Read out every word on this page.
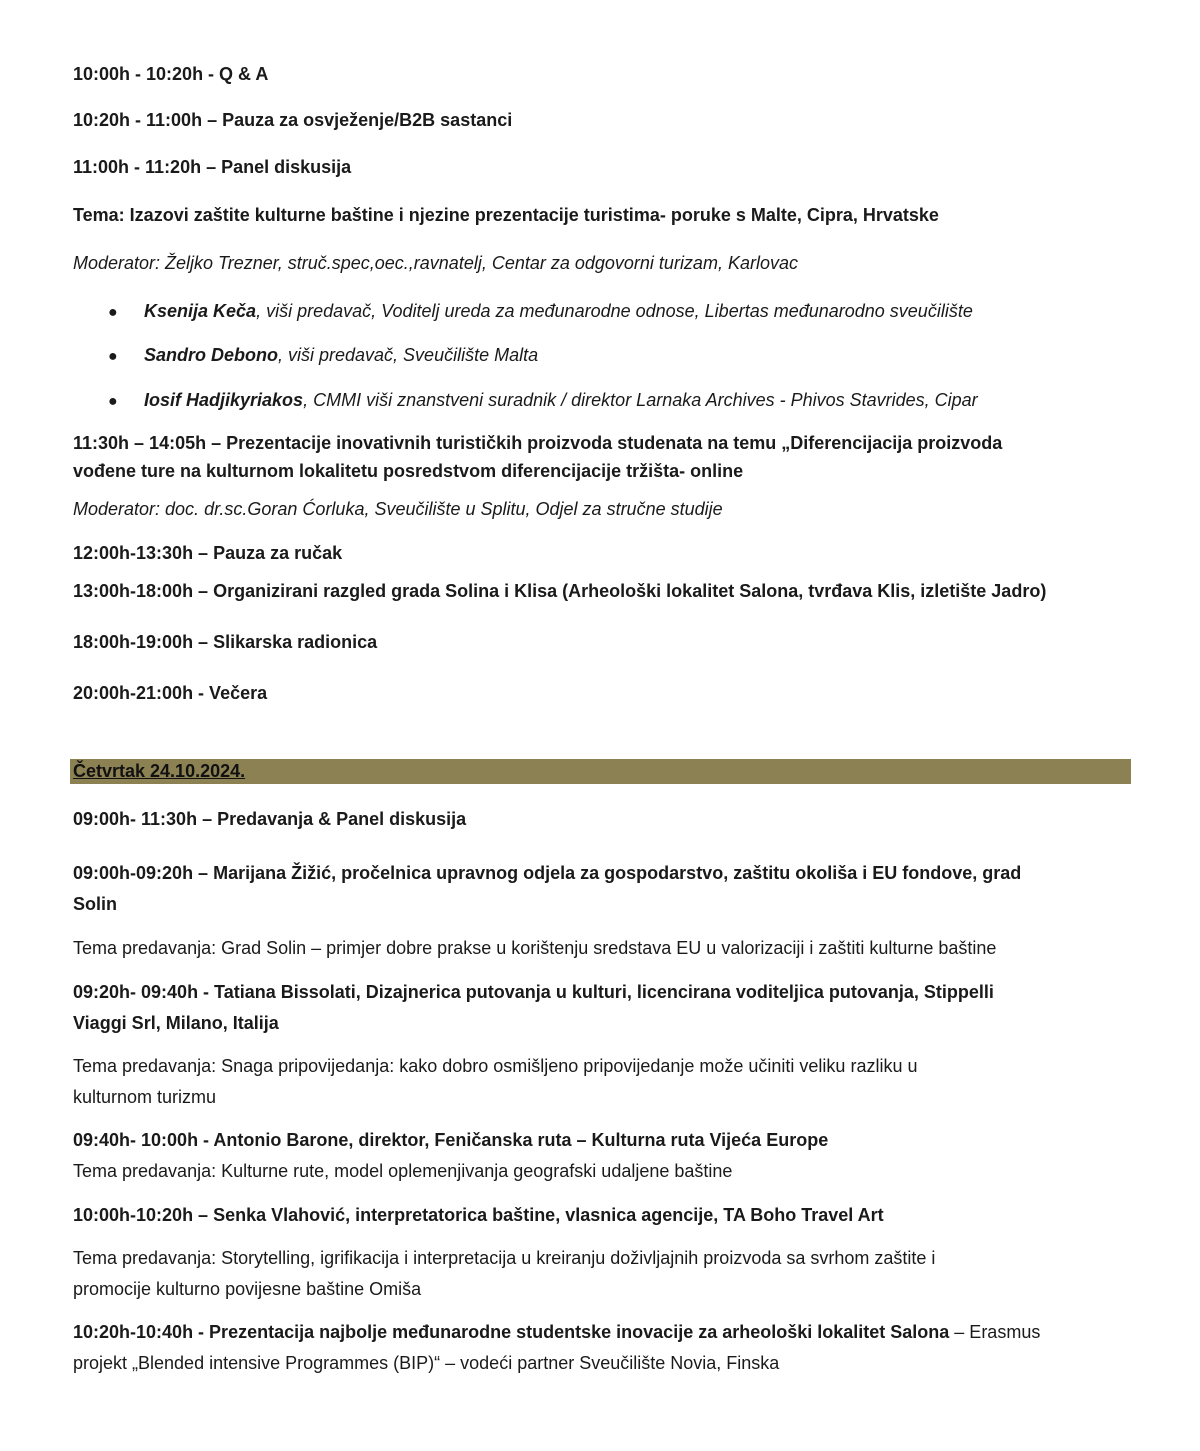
10:00h - 10:20h - Q & A
10:20h - 11:00h – Pauza za osvježenje/B2B sastanci
11:00h - 11:20h – Panel diskusija
Tema: Izazovi zaštite kulturne baštine i njezine prezentacije turistima- poruke s Malte, Cipra, Hrvatske
Moderator: Željko Trezner, struč.spec,oec.,ravnatelj, Centar za odgovorni turizam, Karlovac
● Ksenija Keča, viši predavač, Voditelj ureda za međunarodne odnose, Libertas međunarodno sveučilište
● Sandro Debono, viši predavač, Sveučilište Malta
● Iosif Hadjikyriakos, CMMI viši znanstveni suradnik / direktor Larnaka Archives - Phivos Stavrides, Cipar
11:30h – 14:05h – Prezentacije inovativnih turističkih proizvoda studenata na temu „Diferencijacija proizvoda
vođene ture na kulturnom lokalitetu posredstvom diferencijacije tržišta- online
Moderator: doc. dr.sc.Goran Ćorluka, Sveučilište u Splitu, Odjel za stručne studije
12:00h-13:30h – Pauza za ručak
13:00h-18:00h – Organizirani razgled grada Solina i Klisa (Arheološki lokalitet Salona, tvrđava Klis, izletište Jadro)
18:00h-19:00h – Slikarska radionica
20:00h-21:00h - Večera
Četvrtak 24.10.2024.
09:00h- 11:30h – Predavanja & Panel diskusija
09:00h-09:20h – Marijana Žižić, pročelnica upravnog odjela za gospodarstvo, zaštitu okoliša i EU fondove, grad
Solin
Tema predavanja: Grad Solin – primjer dobre prakse u korištenju sredstava EU u valorizaciji i zaštiti kulturne baštine
09:20h- 09:40h - Tatiana Bissolati, Dizajnerica putovanja u kulturi, licencirana voditeljica putovanja, Stippelli
Viaggi Srl, Milano, Italija
Tema predavanja: Snaga pripovijedanja: kako dobro osmišljeno pripovijedanje može učiniti veliku razliku u
kulturnom turizmu
09:40h- 10:00h - Antonio Barone, direktor, Feničanska ruta – Kulturna ruta Vijeća Europe
Tema predavanja: Kulturne rute, model oplemenjivanja geografski udaljene baštine
10:00h-10:20h – Senka Vlahović, interpretatorica baštine, vlasnica agencije, TA Boho Travel Art
Tema predavanja: Storytelling, igrifikacija i interpretacija u kreiranju doživljajnih proizvoda sa svrhom zaštite i
promocije kulturno povijesne baštine Omiša
10:20h-10:40h - Prezentacija najbolje međunarodne studentske inovacije za arheološki lokalitet Salona – Erasmus
projekt „Blended intensive Programmes (BIP)“ – vodeći partner Sveučilište Novia, Finska
